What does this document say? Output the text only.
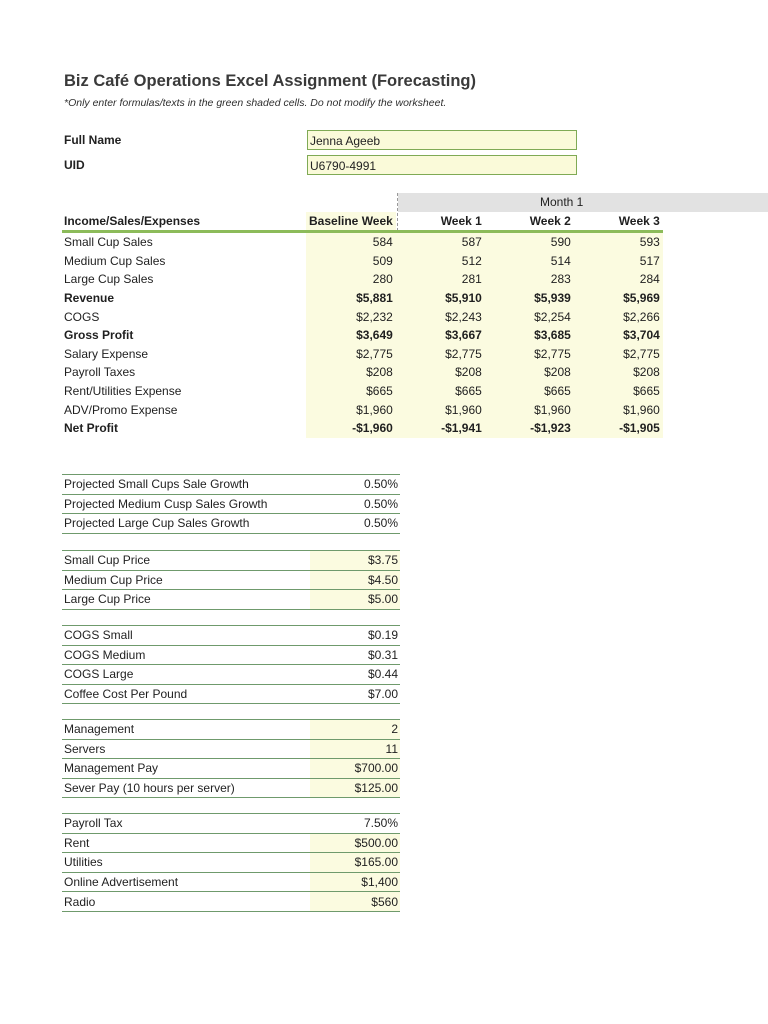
Biz Café Operations Excel Assignment (Forecasting)
*Only enter formulas/texts in the green shaded cells. Do not modify the worksheet.
Full Name	Jenna Ageeb
UID	U6790-4991
Month 1
Income/Sales/Expenses	Baseline Week	Week 1	Week 2	Week 3
Small Cup Sales	584	587	590	593
Medium Cup Sales	509	512	514	517
Large Cup Sales	280	281	283	284
Revenue	$5,881	$5,910	$5,939	$5,969
COGS	$2,232	$2,243	$2,254	$2,266
Gross Profit	$3,649	$3,667	$3,685	$3,704
Salary Expense	$2,775	$2,775	$2,775	$2,775
Payroll Taxes	$208	$208	$208	$208
Rent/Utilities Expense	$665	$665	$665	$665
ADV/Promo Expense	$1,960	$1,960	$1,960	$1,960
Net Profit	-$1,960	-$1,941	-$1,923	-$1,905
Projected Small Cups Sale Growth	0.50%
Projected Medium Cusp Sales Growth	0.50%
Projected Large Cup Sales Growth	0.50%
Small Cup Price	$3.75
Medium Cup Price	$4.50
Large Cup Price	$5.00
COGS Small	$0.19
COGS Medium	$0.31
COGS Large	$0.44
Coffee Cost Per Pound	$7.00
Management	2
Servers	11
Management Pay	$700.00
Sever Pay (10 hours per server)	$125.00
Payroll Tax	7.50%
Rent	$500.00
Utilities	$165.00
Online Advertisement	$1,400
Radio	$560
